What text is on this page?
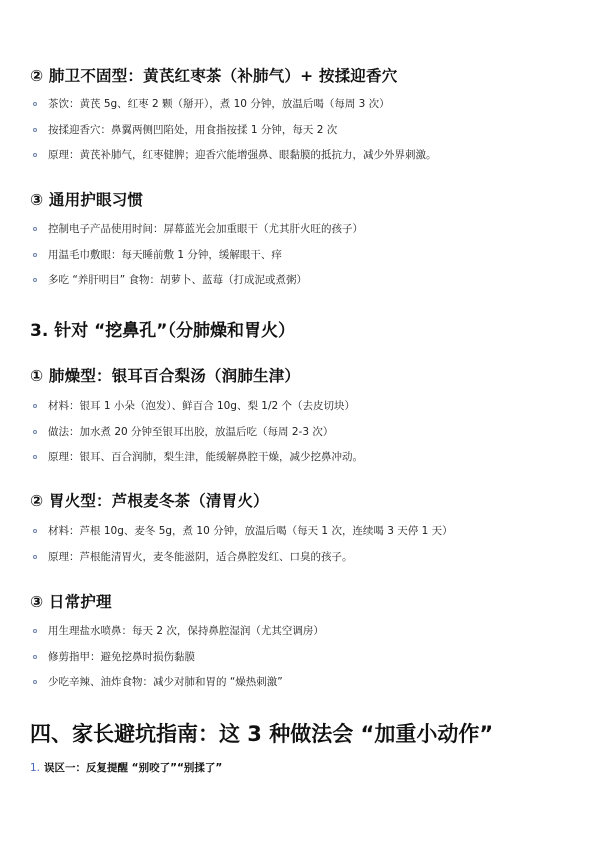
② 肺卫不固型：黄芪红枣茶（补肺气）+ 按揉迎香穴
茶饮：黄芪 5g、红枣 2 颗（掰开），煮 10 分钟，放温后喝（每周 3 次）
按揉迎香穴：鼻翼两侧凹陷处，用食指按揉 1 分钟，每天 2 次
原理：黄芪补肺气，红枣健脾；迎香穴能增强鼻、眼黏膜的抵抗力，减少外界刺激。
③ 通用护眼习惯
控制电子产品使用时间：屏幕蓝光会加重眼干（尤其肝火旺的孩子）
用温毛巾敷眼：每天睡前敷 1 分钟，缓解眼干、痒
多吃 “养肝明目” 食物：胡萝卜、蓝莓（打成泥或煮粥）
3. 针对 “挖鼻孔”（分肺燥和胃火）
① 肺燥型：银耳百合梨汤（润肺生津）
材料：银耳 1 小朵（泡发）、鲜百合 10g、梨 1/2 个（去皮切块）
做法：加水煮 20 分钟至银耳出胶，放温后吃（每周 2-3 次）
原理：银耳、百合润肺，梨生津，能缓解鼻腔干燥，减少挖鼻冲动。
② 胃火型：芦根麦冬茶（清胃火）
材料：芦根 10g、麦冬 5g，煮 10 分钟，放温后喝（每天 1 次，连续喝 3 天停 1 天）
原理：芦根能清胃火，麦冬能滋阴，适合鼻腔发红、口臭的孩子。
③ 日常护理
用生理盐水喷鼻：每天 2 次，保持鼻腔湿润（尤其空调房）
修剪指甲：避免挖鼻时损伤黏膜
少吃辛辣、油炸食物：减少对肺和胃的 “燥热刺激”
四、家长避坑指南：这 3 种做法会 “加重小动作”
1. 误区一：反复提醒 “别咬了”“别揉了”
